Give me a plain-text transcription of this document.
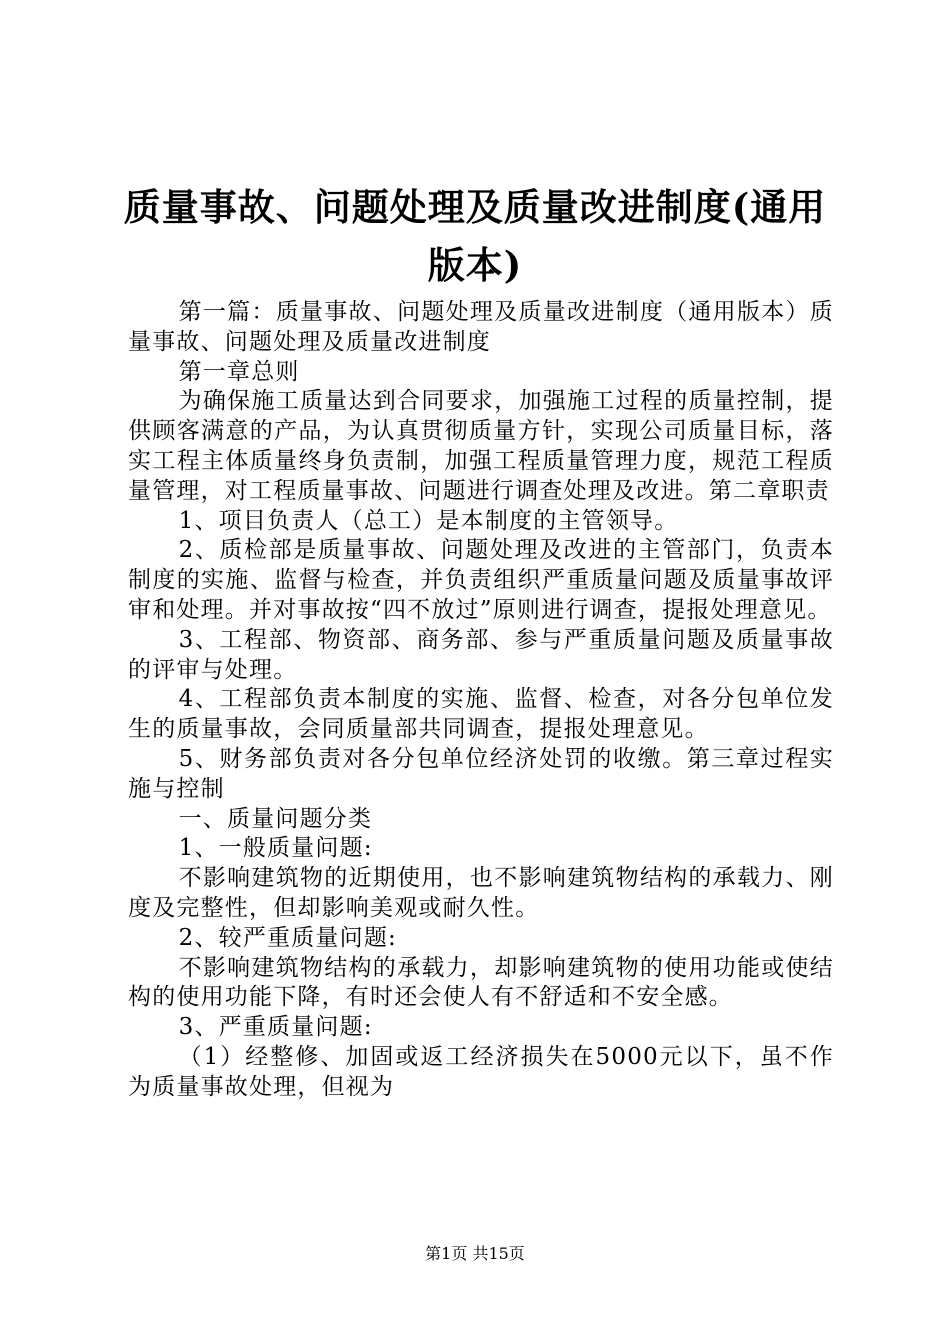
质量事故、问题处理及质量改进制度(通用版本)

第一篇：质量事故、问题处理及质量改进制度（通用版本）质量事故、问题处理及质量改进制度

第一章总则

为确保施工质量达到合同要求，加强施工过程的质量控制，提供顾客满意的产品，为认真贯彻质量方针，实现公司质量目标，落实工程主体质量终身负责制，加强工程质量管理力度，规范工程质量管理，对工程质量事故、问题进行调查处理及改进。第二章职责

1、项目负责人（总工）是本制度的主管领导。

2、质检部是质量事故、问题处理及改进的主管部门，负责本制度的实施、监督与检查，并负责组织严重质量问题及质量事故评审和处理。并对事故按“四不放过”原则进行调查，提报处理意见。

3、工程部、物资部、商务部、参与严重质量问题及质量事故的评审与处理。

4、工程部负责本制度的实施、监督、检查，对各分包单位发生的质量事故，会同质量部共同调查，提报处理意见。

5、财务部负责对各分包单位经济处罚的收缴。第三章过程实施与控制

一、质量问题分类

1、一般质量问题:

不影响建筑物的近期使用，也不影响建筑物结构的承载力、刚度及完整性，但却影响美观或耐久性。

2、较严重质量问题:

不影响建筑物结构的承载力，却影响建筑物的使用功能或使结构的使用功能下降，有时还会使人有不舒适和不安全感。

3、严重质量问题:

（1）经整修、加固或返工经济损失在5000元以下，虽不作为质量事故处理，但视为

第1页 共15页
